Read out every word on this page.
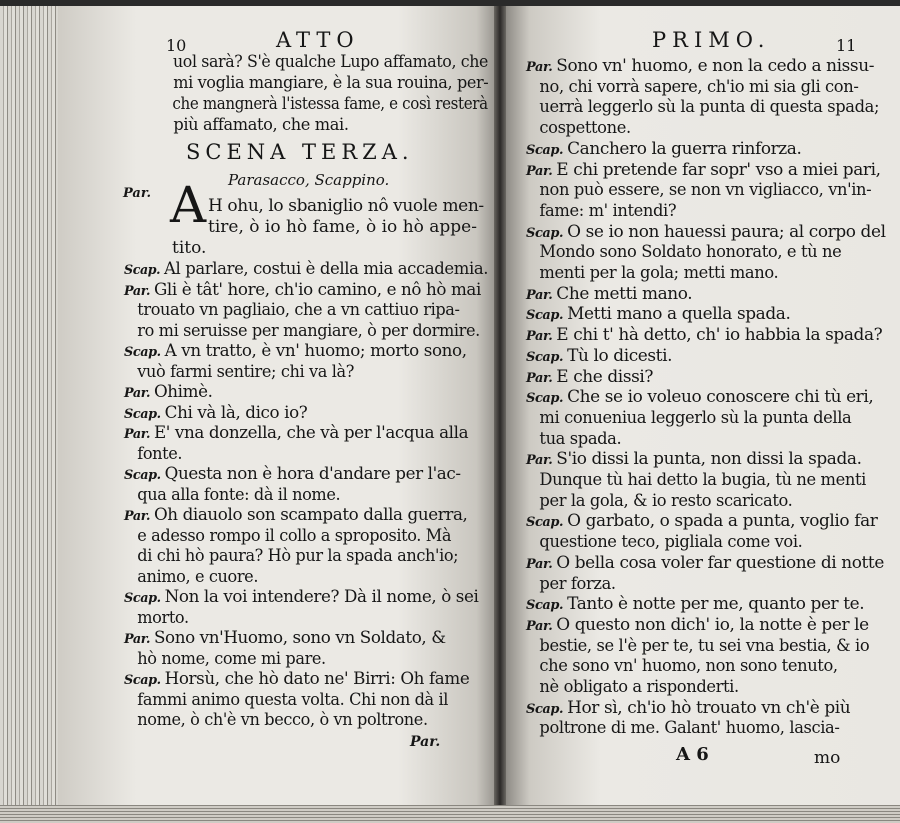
10	ATTO
uol sarà? S'è qualche Lupo affamato, che
mi voglia mangiare, è la sua rouina, per-
che mangnerà l'istessa fame, e così resterà
più affamato, che mai.
SCENA TERZA.
Parasacco, Scappino.
Par. A H ohu, lo sbaniglio nô vuole men-
tire, ò io hò fame, ò io hò appe-
tito.
Scap. Al parlare, costui è della mia accademia.
Par. Gli è tât' hore, ch'io camino, e nô hò mai
trouato vn pagliaio, che a vn cattiuo ripa-
ro mi seruisse per mangiare, ò per dormire.
Scap. A vn tratto, è vn' huomo; morto sono,
vuò farmi sentire; chi va là?
Par. Ohimè.
Scap. Chi và là, dico io?
Par. E' vna donzella, che và per l'acqua alla
fonte.
Scap. Questa non è hora d'andare per l'ac-
qua alla fonte: dà il nome.
Par. Oh diauolo son scampato dalla guerra,
e adesso rompo il collo a sproposito. Mà
di chi hò paura? Hò pur la spada anch'io;
animo, e cuore.
Scap. Non la voi intendere? Dà il nome, ò sei
morto.
Par. Sono vn'Huomo, sono vn Soldato, &
hò nome, come mi pare.
Scap. Horsù, che hò dato ne' Birri: Oh fame
fammi animo questa volta. Chi non dà il
nome, ò ch'è vn becco, ò vn poltrone.
Par.
PRIMO.	11
Par. Sono vn' huomo, e non la cedo a nissu-
no, chi vorrà sapere, ch'io mi sia gli con-
uerrà leggerlo sù la punta di questa spada;
cospettone.
Scap. Canchero la guerra rinforza.
Par. E chi pretende far sopr' vso a miei pari,
non può essere, se non vn vigliacco, vn'in-
fame: m' intendi?
Scap. O se io non hauessi paura; al corpo del
Mondo sono Soldato honorato, e tù ne
menti per la gola; metti mano.
Par. Che metti mano.
Scap. Metti mano a quella spada.
Par. E chi t' hà detto, ch' io habbia la spada?
Scap. Tù lo dicesti.
Par. E che dissi?
Scap. Che se io voleuo conoscere chi tù eri,
mi conueniua leggerlo sù la punta della
tua spada.
Par. S'io dissi la punta, non dissi la spada.
Dunque tù hai detto la bugia, tù ne menti
per la gola, & io resto scaricato.
Scap. O garbato, o spada a punta, voglio far
questione teco, pigliala come voi.
Par. O bella cosa voler far questione di notte
per forza.
Scap. Tanto è notte per me, quanto per te.
Par. O questo non dich' io, la notte è per le
bestie, se l'è per te, tu sei vna bestia, & io
che sono vn' huomo, non sono tenuto,
nè obligato a risponderti.
Scap. Hor sì, ch'io hò trouato vn ch'è più
poltrone di me. Galant' huomo, lascia-
A 6	mo
